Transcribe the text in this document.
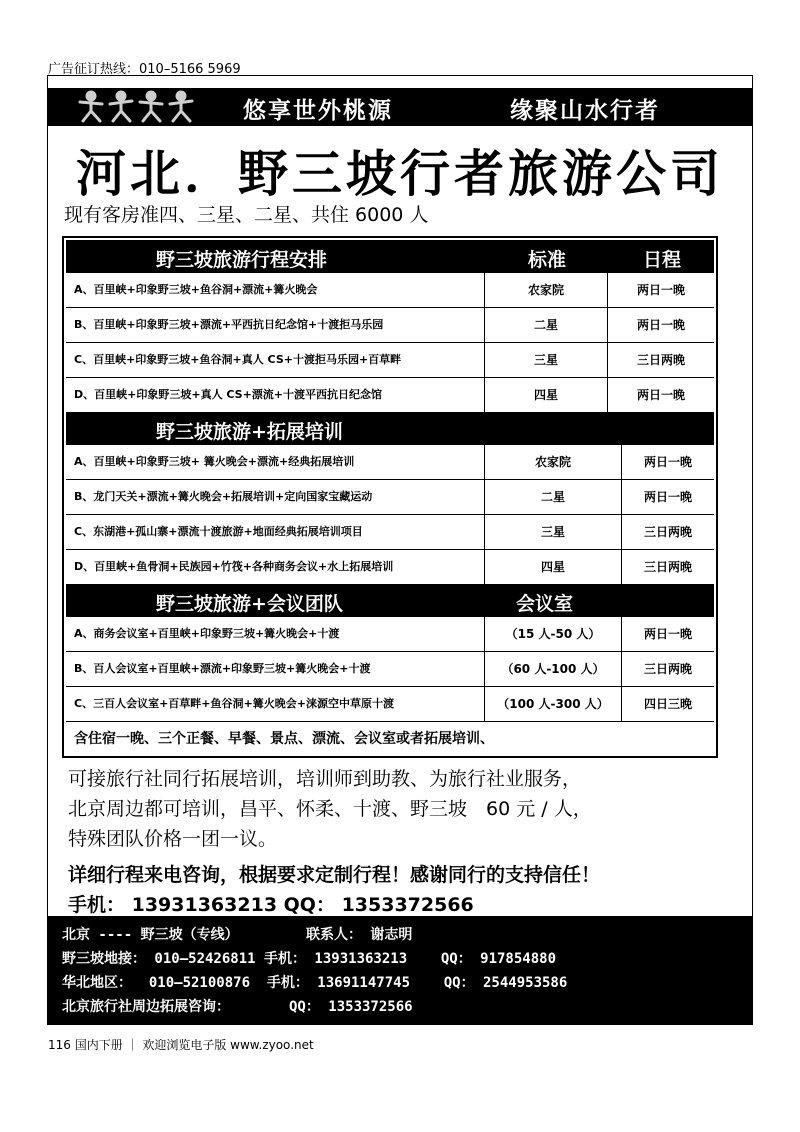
广告征订热线：010–5166 5969
悠享世外桃源	缘聚山水行者
河北．野三坡行者旅游公司
现有客房准四、三星、二星、共住 6000 人
野三坡旅游行程安排	标准	日程
A、百里峡+印象野三坡+鱼谷洞+漂流+篝火晚会	农家院	两日一晚
B、百里峡+印象野三坡+漂流+平西抗日纪念馆+十渡拒马乐园	二星	两日一晚
C、百里峡+印象野三坡+鱼谷洞+真人 CS+十渡拒马乐园+百草畔	三星	三日两晚
D、百里峡+印象野三坡+真人 CS+漂流+十渡平西抗日纪念馆	四星	两日一晚
野三坡旅游+拓展培训
A、百里峡+印象野三坡+ 篝火晚会+漂流+经典拓展培训	农家院	两日一晚
B、龙门天关+漂流+篝火晚会+拓展培训+定向国家宝藏运动	二星	两日一晚
C、东湖港+孤山寨+漂流十渡旅游+地面经典拓展培训项目	三星	三日两晚
D、百里峡+鱼骨洞+民族园+竹筏+各种商务会议+水上拓展培训	四星	三日两晚
野三坡旅游+会议团队	会议室
A、商务会议室+百里峡+印象野三坡+篝火晚会+十渡	（15 人-50 人）	两日一晚
B、百人会议室+百里峡+漂流+印象野三坡+篝火晚会+十渡	（60 人-100 人）	三日两晚
C、三百人会议室+百草畔+鱼谷洞+篝火晚会+涞源空中草原十渡	（100 人-300 人）	四日三晚
含住宿一晚、三个正餐、早餐、景点、漂流、会议室或者拓展培训、
可接旅行社同行拓展培训，培训师到助教、为旅行社业服务，
北京周边都可培训，昌平、怀柔、十渡、野三坡　60 元 / 人，
特殊团队价格一团一议。
详细行程来电咨询，根据要求定制行程！感谢同行的支持信任！
手机： 13931363213 QQ： 1353372566
北京 ---- 野三坡（专线）        联系人： 谢志明
野三坡地接： 010–52426811 手机： 13931363213    QQ： 917854880
华北地区：  010—52100876  手机： 13691147745    QQ： 2544953586
北京旅行社周边拓展咨询：       QQ： 1353372566
116 国内下册 ｜ 欢迎浏览电子版 www.zyoo.net
